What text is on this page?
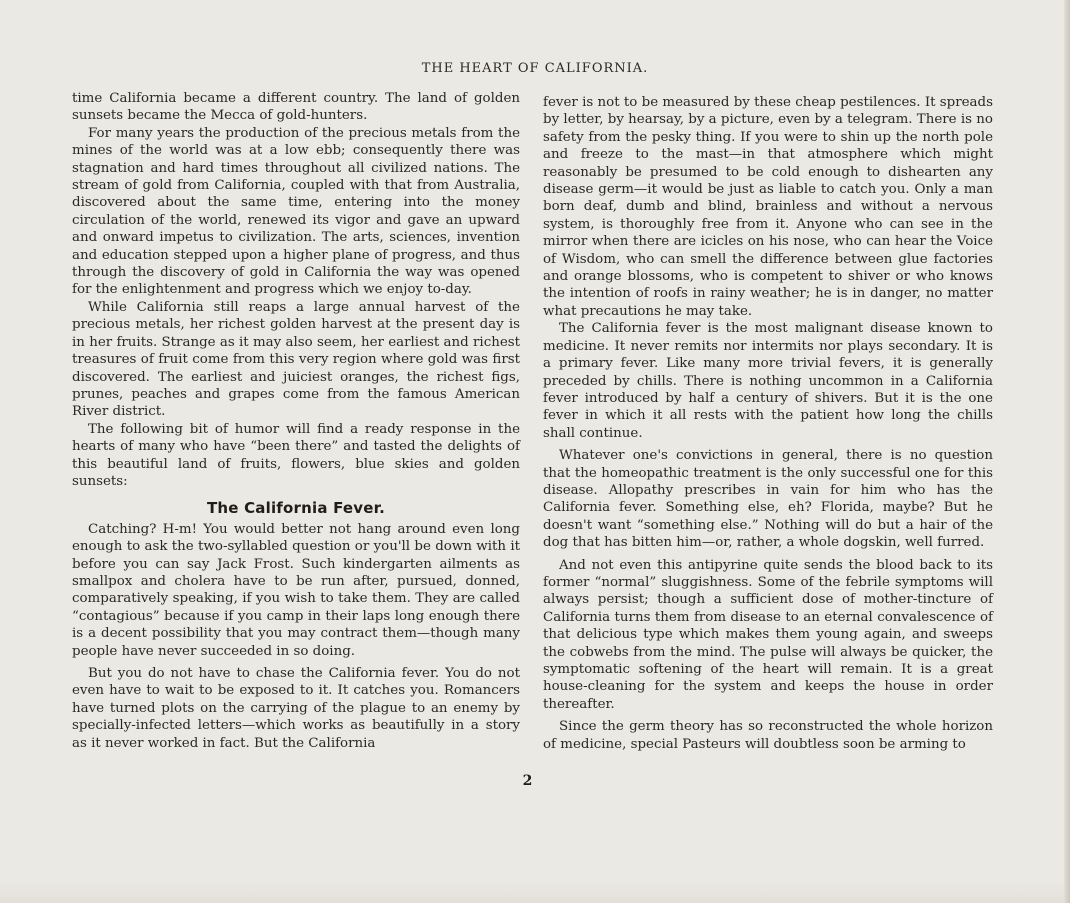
THE HEART OF CALIFORNIA.

time California became a different country. The land of golden sunsets became the Mecca of gold-hunters.

For many years the production of the precious metals from the mines of the world was at a low ebb; consequently there was stagnation and hard times throughout all civilized nations. The stream of gold from California, coupled with that from Australia, discovered about the same time, entering into the money circulation of the world, renewed its vigor and gave an upward and onward impetus to civilization. The arts, sciences, invention and education stepped upon a higher plane of progress, and thus through the discovery of gold in California the way was opened for the enlightenment and progress which we enjoy to-day.

While California still reaps a large annual harvest of the precious metals, her richest golden harvest at the present day is in her fruits. Strange as it may also seem, her earliest and richest treasures of fruit come from this very region where gold was first discovered. The earliest and juiciest oranges, the richest figs, prunes, peaches and grapes come from the famous American River district.

The following bit of humor will find a ready response in the hearts of many who have “been there” and tasted the delights of this beautiful land of fruits, flowers, blue skies and golden sunsets:

The California Fever.

Catching? H-m! You would better not hang around even long enough to ask the two-syllabled question or you'll be down with it before you can say Jack Frost. Such kindergarten ailments as smallpox and cholera have to be run after, pursued, donned, comparatively speaking, if you wish to take them. They are called “contagious” because if you camp in their laps long enough there is a decent possibility that you may contract them—though many people have never succeeded in so doing.

But you do not have to chase the California fever. You do not even have to wait to be exposed to it. It catches you. Romancers have turned plots on the carrying of the plague to an enemy by specially-infected letters—which works as beautifully in a story as it never worked in fact. But the California

fever is not to be measured by these cheap pestilences. It spreads by letter, by hearsay, by a picture, even by a telegram. There is no safety from the pesky thing. If you were to shin up the north pole and freeze to the mast—in that atmosphere which might reasonably be presumed to be cold enough to dishearten any disease germ—it would be just as liable to catch you. Only a man born deaf, dumb and blind, brainless and without a nervous system, is thoroughly free from it. Anyone who can see in the mirror when there are icicles on his nose, who can hear the Voice of Wisdom, who can smell the difference between glue factories and orange blossoms, who is competent to shiver or who knows the intention of roofs in rainy weather; he is in danger, no matter what precautions he may take.

The California fever is the most malignant disease known to medicine. It never remits nor intermits nor plays secondary. It is a primary fever. Like many more trivial fevers, it is generally preceded by chills. There is nothing uncommon in a California fever introduced by half a century of shivers. But it is the one fever in which it all rests with the patient how long the chills shall continue.

Whatever one's convictions in general, there is no question that the homeopathic treatment is the only successful one for this disease. Allopathy prescribes in vain for him who has the California fever. Something else, eh? Florida, maybe? But he doesn't want “something else.” Nothing will do but a hair of the dog that has bitten him—or, rather, a whole dogskin, well furred.

And not even this antipyrine quite sends the blood back to its former “normal” sluggishness. Some of the febrile symptoms will always persist; though a sufficient dose of mother-tincture of California turns them from disease to an eternal convalescence of that delicious type which makes them young again, and sweeps the cobwebs from the mind. The pulse will always be quicker, the symptomatic softening of the heart will remain. It is a great house-cleaning for the system and keeps the house in order thereafter.

Since the germ theory has so reconstructed the whole horizon of medicine, special Pasteurs will doubtless soon be arming to

2
